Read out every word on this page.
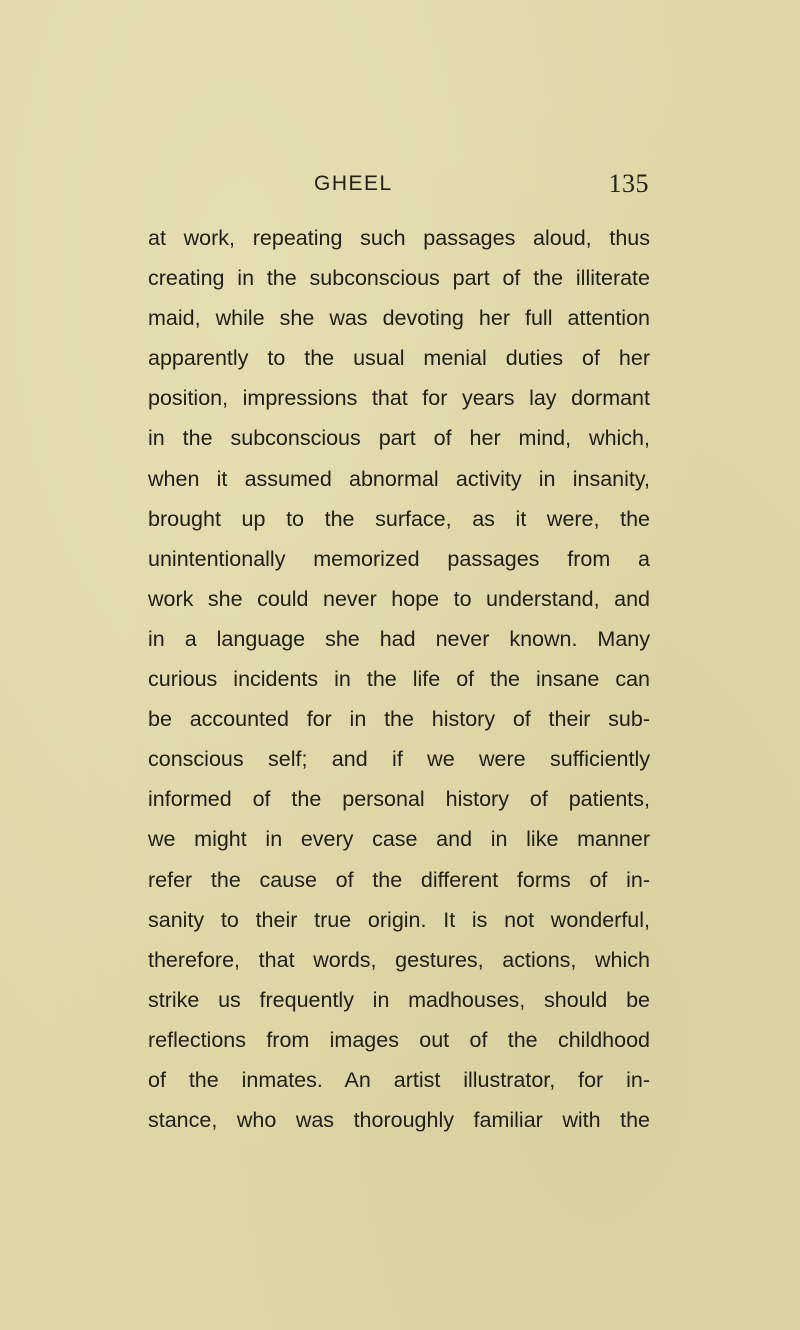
GHEEL	135
at work, repeating such passages aloud, thus
creating in the subconscious part of the illiterate
maid, while she was devoting her full attention
apparently to the usual menial duties of her
position, impressions that for years lay dormant
in the subconscious part of her mind, which,
when it assumed abnormal activity in insanity,
brought up to the surface, as it were, the
unintentionally memorized passages from a
work she could never hope to understand, and
in a language she had never known. Many
curious incidents in the life of the insane can
be accounted for in the history of their sub-
conscious self; and if we were sufficiently
informed of the personal history of patients,
we might in every case and in like manner
refer the cause of the different forms of in-
sanity to their true origin. It is not wonderful,
therefore, that words, gestures, actions, which
strike us frequently in madhouses, should be
reflections from images out of the childhood
of the inmates. An artist illustrator, for in-
stance, who was thoroughly familiar with the
